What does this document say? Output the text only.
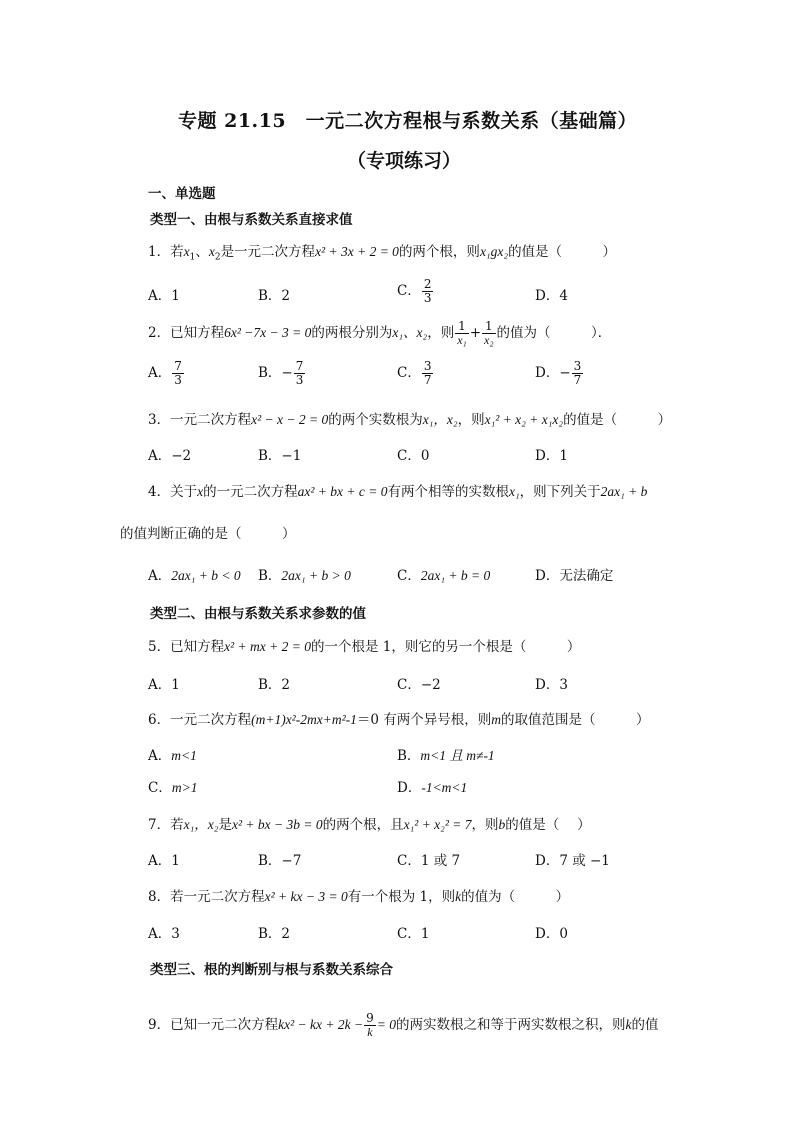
专题 21.15　一元二次方程根与系数关系（基础篇）
（专项练习）
一、单选题
类型一、由根与系数关系直接求值
1．若$x_1$、$x_2$是一元二次方程x² + 3x + 2 = 0的两个根，则x₁gx₂的值是（　　　）
A．1	B．2	C． $\frac{2}{3}$	D．4
2．已知方程6x² −7x − 3 = 0的两根分别为x₁、x₂，则 $\frac{1}{\text{x₁}} + \frac{1}{\text{x₂}}$ 的值为（　　　）．
A． $\frac{7}{3}$	B．− $\frac{7}{3}$	C． $\frac{3}{7}$	D．− $\frac{3}{7}$
3．一元二次方程x² − x − 2 = 0的两个实数根为x₁，x₂，则x₁² + x₂ + x₁x₂的值是（　　　）
A．−2	B．−1	C．0	D．1
4．关于x的一元二次方程ax² + bx + c = 0有两个相等的实数根x₁，则下列关于2ax₁ + b
的值判断正确的是（　　　）
A．2ax₁ + b < 0 B．2ax₁ + b > 0	C．2ax₁ + b = 0	D．无法确定
类型二、由根与系数关系求参数的值
5．已知方程x² + mx + 2 = 0的一个根是 1，则它的另一个根是（　　　）
A．1	B．2	C．−2	D．3
6．一元二次方程(m+1)x²-2mx+m²-1＝0 有两个异号根，则m的取值范围是（　　　）
A．m<1	B．m<1 且 m≠-1
C．m>1	D．-1<m<1
7．若x₁，x₂是x² + bx − 3b = 0的两个根，且x₁² + x₂² = 7，则b的值是（　 ）
A．1	B．−7	C．1 或 7	D．7 或 −1
8．若一元二次方程x² + kx − 3 = 0有一个根为 1，则k的值为（　　　）
A．3	B．2	C．1	D．0
类型三、根的判断别与根与系数关系综合
9．已知一元二次方程kx² − kx + $2k - \frac{9}{k} = 0$的两实数根之和等于两实数根之积，则k的值
